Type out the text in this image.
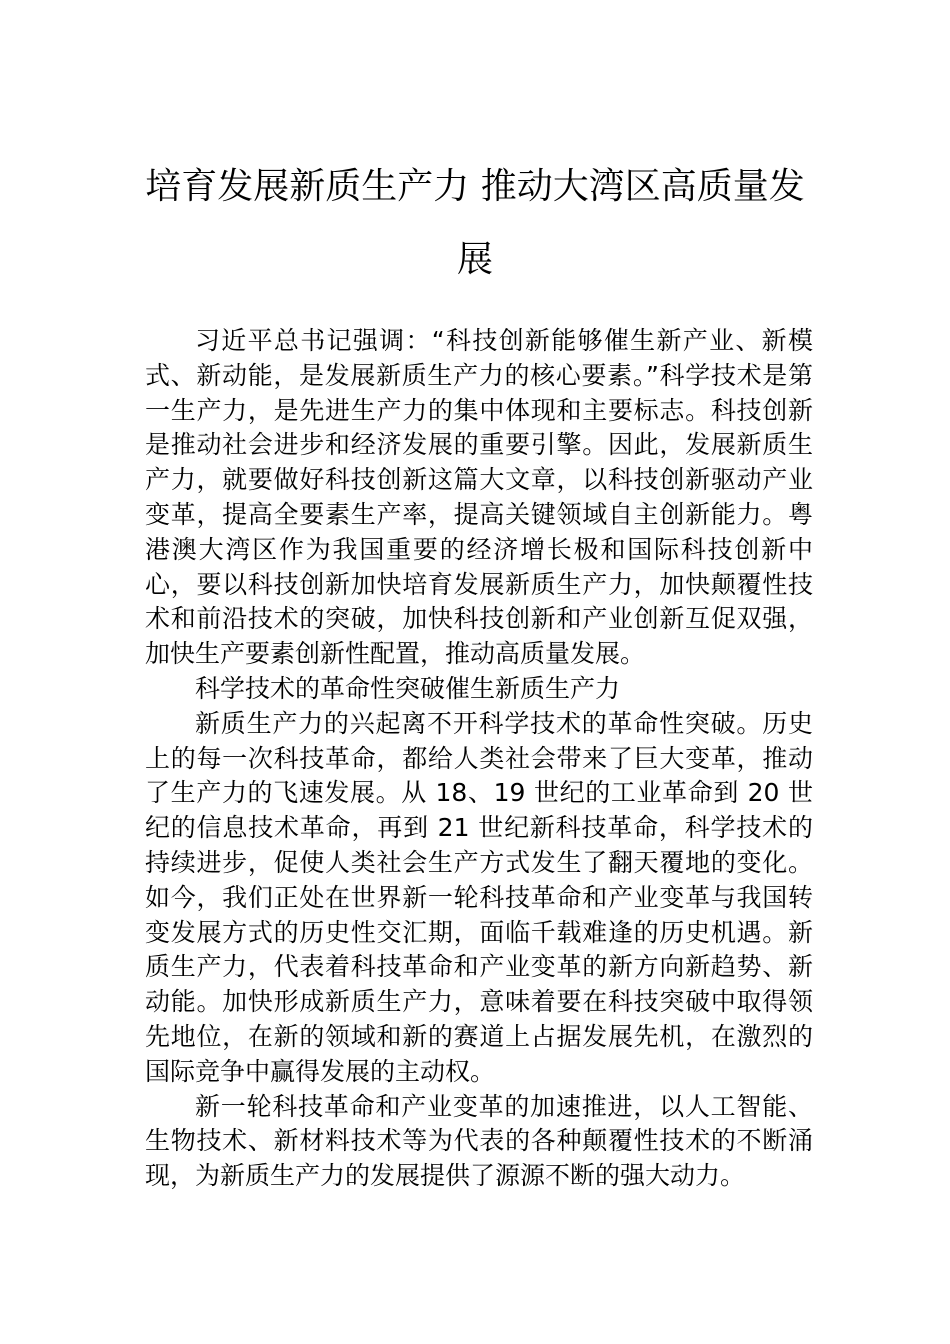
培育发展新质生产力 推动大湾区高质量发展

习近平总书记强调：“科技创新能够催生新产业、新模式、新动能，是发展新质生产力的核心要素。”科学技术是第一生产力，是先进生产力的集中体现和主要标志。科技创新是推动社会进步和经济发展的重要引擎。因此，发展新质生产力，就要做好科技创新这篇大文章，以科技创新驱动产业变革，提高全要素生产率，提高关键领域自主创新能力。粤港澳大湾区作为我国重要的经济增长极和国际科技创新中心，要以科技创新加快培育发展新质生产力，加快颠覆性技术和前沿技术的突破，加快科技创新和产业创新互促双强，加快生产要素创新性配置，推动高质量发展。

科学技术的革命性突破催生新质生产力

新质生产力的兴起离不开科学技术的革命性突破。历史上的每一次科技革命，都给人类社会带来了巨大变革，推动了生产力的飞速发展。从 18、19 世纪的工业革命到 20 世纪的信息技术革命，再到 21 世纪新科技革命，科学技术的持续进步，促使人类社会生产方式发生了翻天覆地的变化。如今，我们正处在世界新一轮科技革命和产业变革与我国转变发展方式的历史性交汇期，面临千载难逢的历史机遇。新质生产力，代表着科技革命和产业变革的新方向新趋势、新动能。加快形成新质生产力，意味着要在科技突破中取得领先地位，在新的领域和新的赛道上占据发展先机，在激烈的国际竞争中赢得发展的主动权。

新一轮科技革命和产业变革的加速推进，以人工智能、生物技术、新材料技术等为代表的各种颠覆性技术的不断涌现，为新质生产力的发展提供了源源不断的强大动力。
